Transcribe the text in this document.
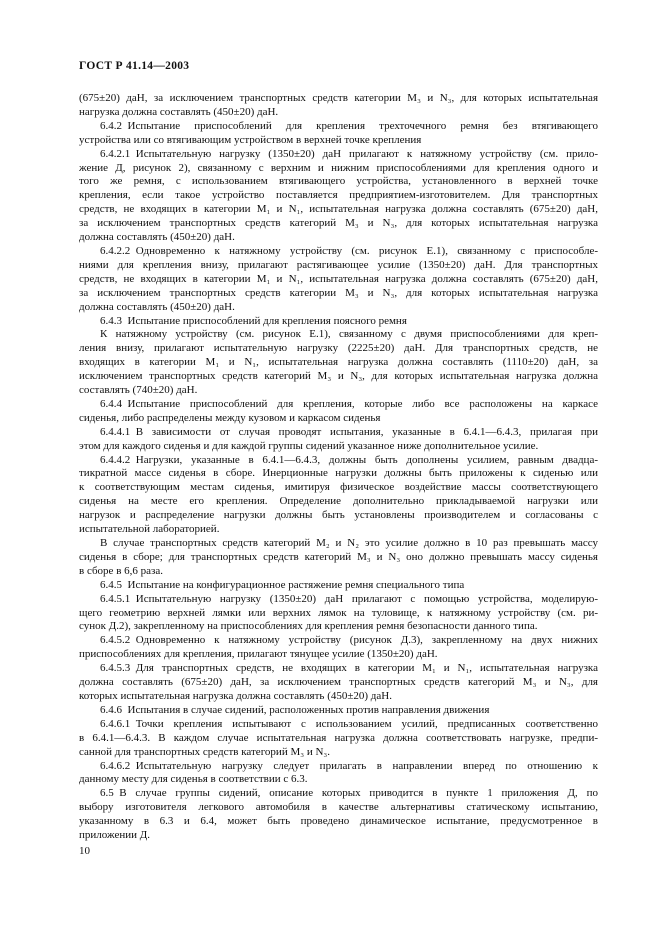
ГОСТ Р 41.14—2003
(675±20) даН, за исключением транспортных средств категории M₃ и N₃, для которых испытательная
нагрузка должна составлять (450±20) даН.
6.4.2 Испытание приспособлений для крепления трехточечного ремня без втягивающего
устройства или со втягивающим устройством в верхней точке крепления
6.4.2.1 Испытательную нагрузку (1350±20) даН прилагают к натяжному устройству (см. прило-
жение Д, рисунок 2), связанному с верхним и нижним приспособлениями для крепления одного и
того же ремня, с использованием втягивающего устройства, установленного в верхней точке
крепления, если такое устройство поставляется предприятием-изготовителем. Для транспортных
средств, не входящих в категории M₁ и N₁, испытательная нагрузка должна составлять (675±20) даН,
за исключением транспортных средств категорий M₃ и N₃, для которых испытательная нагрузка
должна составлять (450±20) даН.
6.4.2.2 Одновременно к натяжному устройству (см. рисунок Е.1), связанному с приспособле-
ниями для крепления внизу, прилагают растягивающее усилие (1350±20) даН. Для транспортных
средств, не входящих в категории M₁ и N₁, испытательная нагрузка должна составлять (675±20) даН,
за исключением транспортных средств категории M₃ и N₃, для которых испытательная нагрузка
должна составлять (450±20) даН.
6.4.3 Испытание приспособлений для крепления поясного ремня
К натяжному устройству (см. рисунок Е.1), связанному с двумя приспособлениями для креп-
ления внизу, прилагают испытательную нагрузку (2225±20) даН. Для транспортных средств, не
входящих в категории M₁ и N₁, испытательная нагрузка должна составлять (1110±20) даН, за
исключением транспортных средств категорий M₃ и N₃, для которых испытательная нагрузка должна
составлять (740±20) даН.
6.4.4 Испытание приспособлений для крепления, которые либо все расположены на каркасе
сиденья, либо распределены между кузовом и каркасом сиденья
6.4.4.1 В зависимости от случая проводят испытания, указанные в 6.4.1—6.4.3, прилагая при
этом для каждого сиденья и для каждой группы сидений указанное ниже дополнительное усилие.
6.4.4.2 Нагрузки, указанные в 6.4.1—6.4.3, должны быть дополнены усилием, равным двадца-
тикратной массе сиденья в сборе. Инерционные нагрузки должны быть приложены к сиденью или
к соответствующим местам сиденья, имитируя физическое воздействие массы соответствующего
сиденья на месте его крепления. Определение дополнительно прикладываемой нагрузки или
нагрузок и распределение нагрузки должны быть установлены производителем и согласованы с
испытательной лабораторией.
В случае транспортных средств категорий M₂ и N₂ это усилие должно в 10 раз превышать массу
сиденья в сборе; для транспортных средств категорий M₃ и N₃ оно должно превышать массу сиденья
в сборе в 6,6 раза.
6.4.5 Испытание на конфигурационное растяжение ремня специального типа
6.4.5.1 Испытательную нагрузку (1350±20) даН прилагают с помощью устройства, моделирую-
щего геометрию верхней лямки или верхних лямок на туловище, к натяжному устройству (см. ри-
сунок Д.2), закрепленному на приспособлениях для крепления ремня безопасности данного типа.
6.4.5.2 Одновременно к натяжному устройству (рисунок Д.3), закрепленному на двух нижних
приспособлениях для крепления, прилагают тянущее усилие (1350±20) даН.
6.4.5.3 Для транспортных средств, не входящих в категории M₁ и N₁, испытательная нагрузка
должна составлять (675±20) даН, за исключением транспортных средств категорий M₃ и N₃, для
которых испытательная нагрузка должна составлять (450±20) даН.
6.4.6 Испытания в случае сидений, расположенных против направления движения
6.4.6.1 Точки крепления испытывают с использованием усилий, предписанных соответственно
в 6.4.1—6.4.3. В каждом случае испытательная нагрузка должна соответствовать нагрузке, предпи-
санной для транспортных средств категорий M₃ и N₃.
6.4.6.2 Испытательную нагрузку следует прилагать в направлении вперед по отношению к
данному месту для сиденья в соответствии с 6.3.
6.5 В случае группы сидений, описание которых приводится в пункте 1 приложения Д, по
выбору изготовителя легкового автомобиля в качестве альтернативы статическому испытанию,
указанному в 6.3 и 6.4, может быть проведено динамическое испытание, предусмотренное в
приложении Д.
10
